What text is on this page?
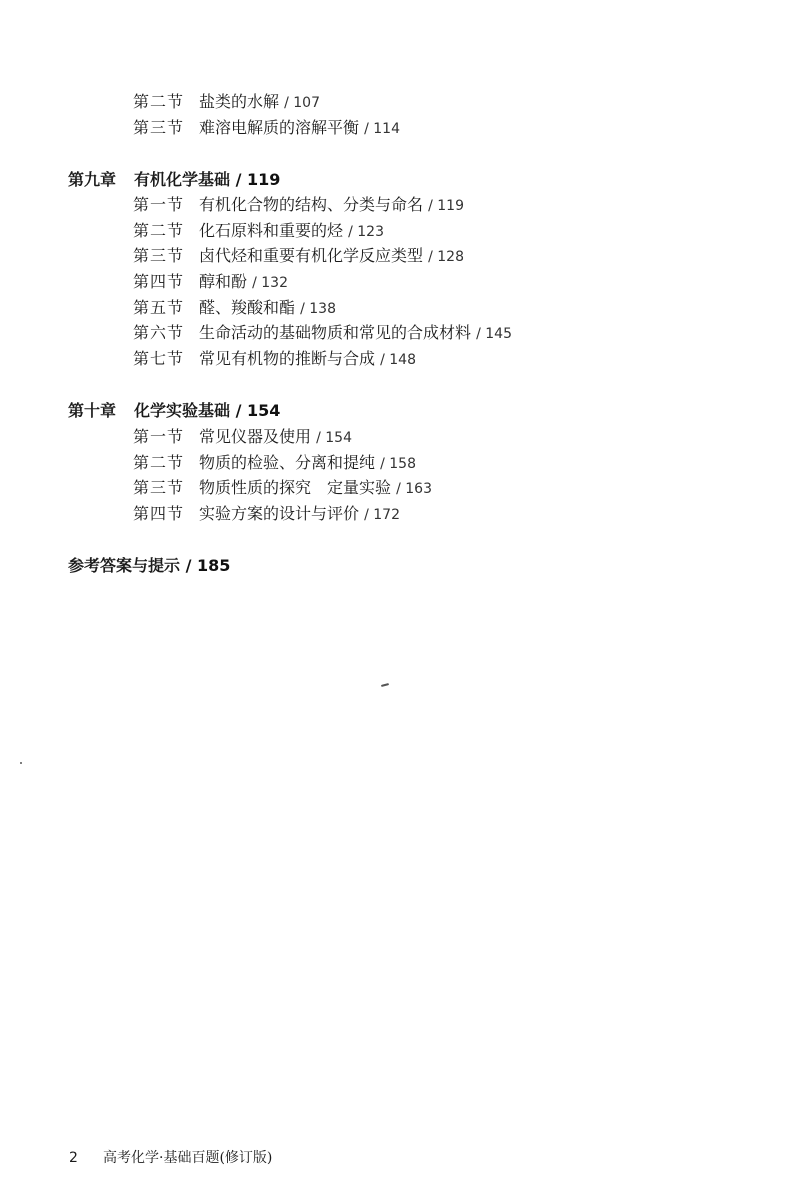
第二节 盐类的水解 / 107
第三节 难溶电解质的溶解平衡 / 114
第九章 有机化学基础 / 119
第一节 有机化合物的结构、分类与命名 / 119
第二节 化石原料和重要的烃 / 123
第三节 卤代烃和重要有机化学反应类型 / 128
第四节 醇和酚 / 132
第五节 醛、羧酸和酯 / 138
第六节 生命活动的基础物质和常见的合成材料 / 145
第七节 常见有机物的推断与合成 / 148
第十章 化学实验基础 / 154
第一节 常见仪器及使用 / 154
第二节 物质的检验、分离和提纯 / 158
第三节 物质性质的探究　定量实验 / 163
第四节 实验方案的设计与评价 / 172
参考答案与提示 / 185
2 高考化学·基础百题(修订版)
